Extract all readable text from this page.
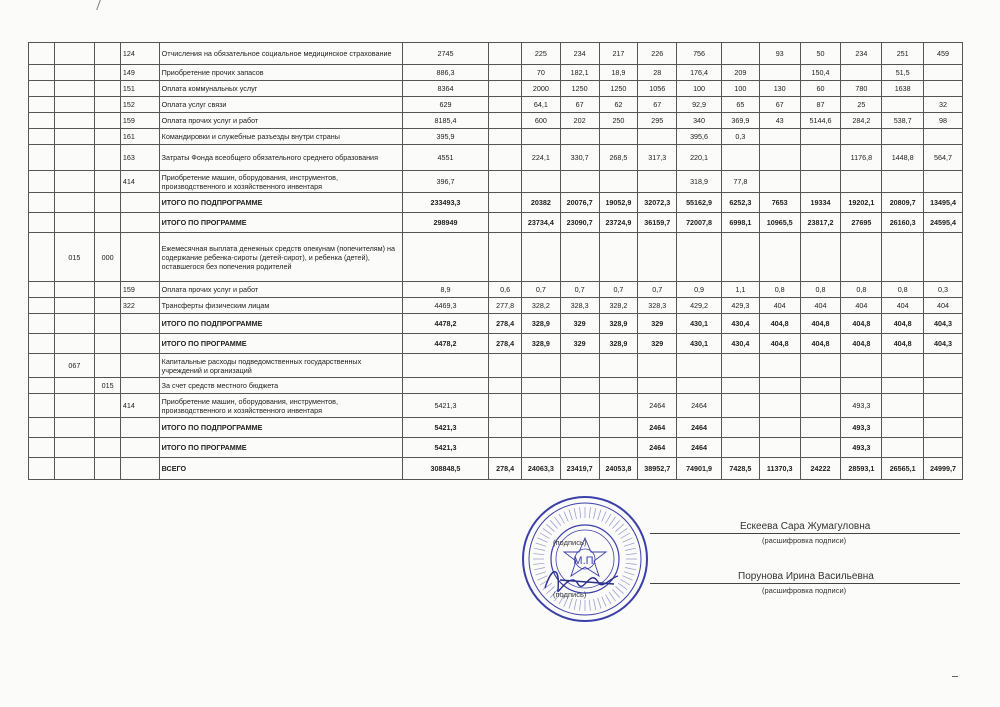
			124	Отчисления на обязательное социальное медицинское страхование	2745		225	234	217	226	756		93	50	234	251	459
			149	Приобретение прочих запасов	886,3		70	182,1	18,9	28	176,4	209		150,4		51,5	
			151	Оплата коммунальных услуг	8364		2000	1250	1250	1056	100	100	130	60	780	1638	
			152	Оплата услуг связи	629		64,1	67	62	67	92,9	65	67	87	25		32
			159	Оплата прочих услуг и работ	8185,4		600	202	250	295	340	369,9	43	5144,6	284,2	538,7	98
			161	Командировки и служебные разъезды внутри страны	395,9						395,6	0,3					
			163	Затраты Фонда всеобщего обязательного среднего образования	4551		224,1	330,7	268,5	317,3	220,1				1176,8	1448,8	564,7
			414	Приобретение машин, оборудования, инструментов, производственного и хозяйственного инвентаря	396,7						318,9	77,8					
				ИТОГО ПО ПОДПРОГРАММЕ	233493,3		20382	20076,7	19052,9	32072,3	55162,9	6252,3	7653	19334	19202,1	20809,7	13495,4
				ИТОГО ПО ПРОГРАММЕ	298949		23734,4	23090,7	23724,9	36159,7	72007,8	6998,1	10965,5	23817,2	27695	26160,3	24595,4
	015	000		Ежемесячная выплата денежных средств опекунам (попечителям) на содержание ребенка-сироты (детей-сирот), и ребенка (детей), оставшегося без попечения родителей													
			159	Оплата прочих услуг и работ	8,9	0,6	0,7	0,7	0,7	0,7	0,9	1,1	0,8	0,8	0,8	0,8	0,3
			322	Трансферты физическим лицам	4469,3	277,8	328,2	328,3	328,2	328,3	429,2	429,3	404	404	404	404	404
				ИТОГО ПО ПОДПРОГРАММЕ	4478,2	278,4	328,9	329	328,9	329	430,1	430,4	404,8	404,8	404,8	404,8	404,3
				ИТОГО ПО ПРОГРАММЕ	4478,2	278,4	328,9	329	328,9	329	430,1	430,4	404,8	404,8	404,8	404,8	404,3
	067			Капитальные расходы подведомственных государственных учреждений и организаций													
		015		За счет средств местного бюджета													
			414	Приобретение машин, оборудования, инструментов, производственного и хозяйственного инвентаря	5421,3					2464	2464				493,3		
				ИТОГО ПО ПОДПРОГРАММЕ	5421,3					2464	2464				493,3		
				ИТОГО ПО ПРОГРАММЕ	5421,3					2464	2464				493,3		
				ВСЕГО	308848,5	278,4	24063,3	23419,7	24053,8	38952,7	74901,9	7428,5	11370,3	24222	28593,1	26565,1	24999,7
М.П.
(подпись)
(подпись)
Ескеева Сара Жумагуловна
(расшифровка подписи)
Порунова Ирина Васильевна
(расшифровка подписи)
